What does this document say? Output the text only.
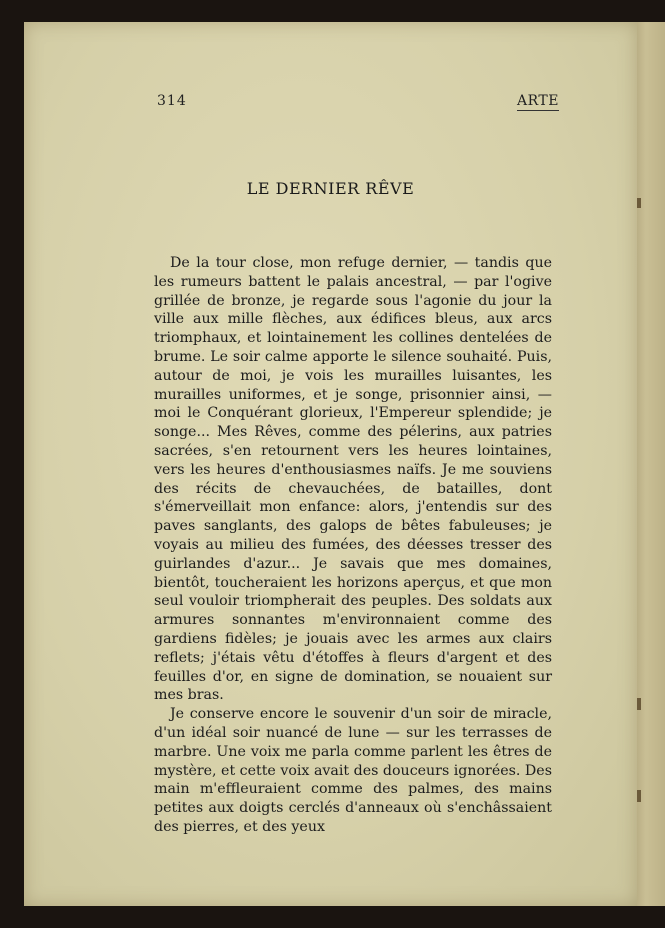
314	ARTE
LE DERNIER RÊVE

De la tour close, mon refuge dernier, — tandis que les rumeurs battent le palais ancestral, — par l'ogive grillée de bronze, je regarde sous l'agonie du jour la ville aux mille flèches, aux édifices bleus, aux arcs triomphaux, et lointainement les collines dentelées de brume. Le soir calme apporte le silence souhaité. Puis, autour de moi, je vois les murailles luisantes, les murailles uniformes, et je songe, prisonnier ainsi, — moi le Conquérant glorieux, l'Empereur splendide; je songe... Mes Rêves, comme des pélerins, aux patries sacrées, s'en retournent vers les heures lointaines, vers les heures d'enthousiasmes naïfs. Je me souviens des récits de chevauchées, de batailles, dont s'émerveillait mon enfance: alors, j'entendis sur des paves sanglants, des galops de bêtes fabuleuses; je voyais au milieu des fumées, des déesses tresser des guirlandes d'azur... Je savais que mes domaines, bientôt, toucheraient les horizons aperçus, et que mon seul vouloir triompherait des peuples. Des soldats aux armures sonnantes m'environnaient comme des gardiens fidèles; je jouais avec les armes aux clairs reflets; j'étais vêtu d'étoffes à fleurs d'argent et des feuilles d'or, en signe de domination, se nouaient sur mes bras.

Je conserve encore le souvenir d'un soir de miracle, d'un idéal soir nuancé de lune — sur les terrasses de marbre. Une voix me parla comme parlent les êtres de mystère, et cette voix avait des douceurs ignorées. Des main m'effleuraient comme des palmes, des mains petites aux doigts cerclés d'anneaux où s'enchâssaient des pierres, et des yeux
